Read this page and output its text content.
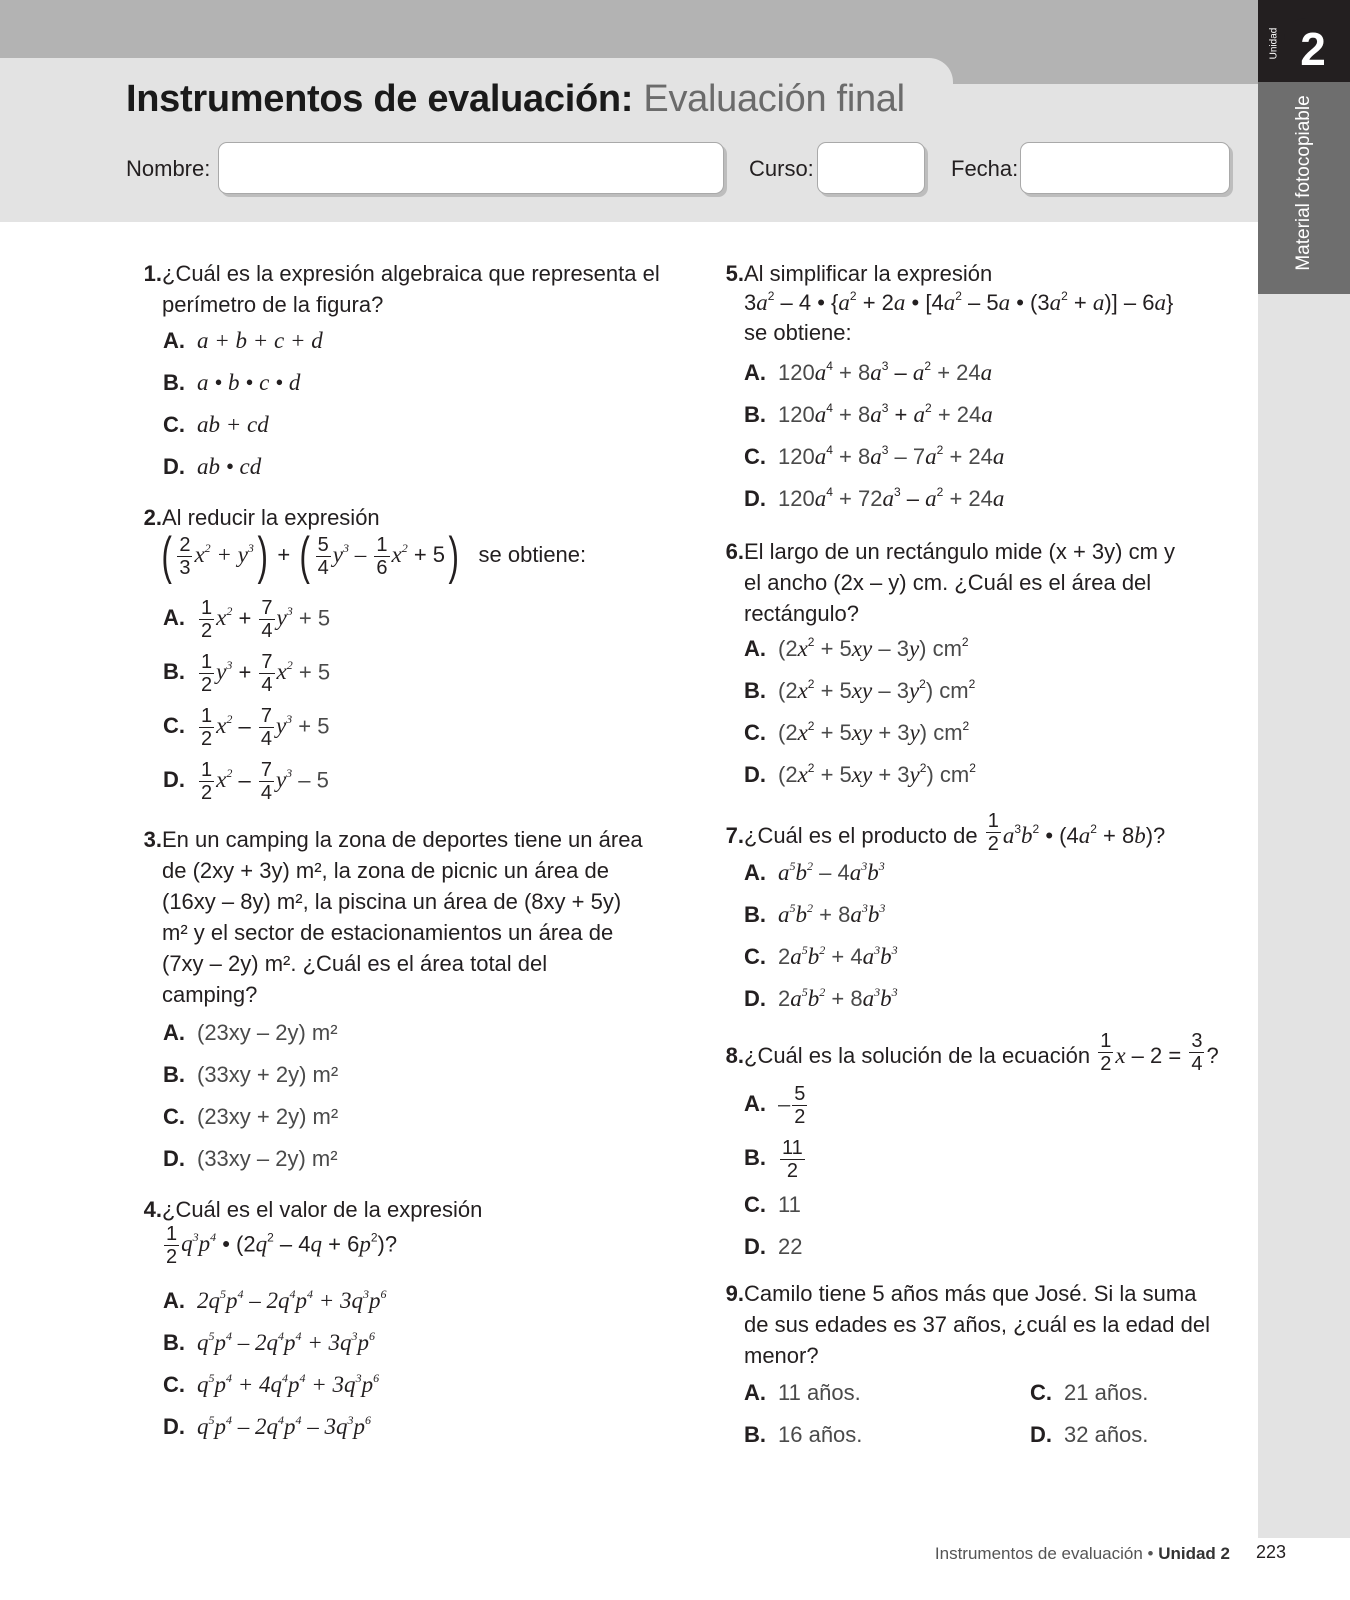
Instrumentos de evaluación: Evaluación final
Nombre:	Curso:	Fecha:
Unidad 2
Material fotocopiable
1. ¿Cuál es la expresión algebraica que representa el perímetro de la figura?
A. a + b + c + d
B. a • b • c • d
C. ab + cd
D. ab • cd
2. Al reducir la expresión
( $\frac{2}{3} x^2 + y^3$) + ( $\frac{5}{4} y^3 - \frac{1}{6} x^2 + 5$) se obtiene:
A. $\frac{1}{2} x^2 + \frac{7}{4} y^3 + 5$
B. $\frac{1}{2} y^3 + \frac{7}{4} x^2 + 5$
C. $\frac{1}{2} x^2 - \frac{7}{4} y^3 + 5$
D. $\frac{1}{2} x^2 - \frac{7}{4} y^3 - 5$
3. En un camping la zona de deportes tiene un área de (2xy + 3y) m², la zona de picnic un área de (16xy – 8y) m², la piscina un área de (8xy + 5y) m² y el sector de estacionamientos un área de (7xy – 2y) m². ¿Cuál es el área total del camping?
A. (23xy – 2y) m²
B. (33xy + 2y) m²
C. (23xy + 2y) m²
D. (33xy – 2y) m²
4. ¿Cuál es el valor de la expresión
$\frac{1}{2} q^3p^4$ • $(2q^2 - 4q + 6p^2)$?
A. $2q^5p^4 - 2q^4p^4 + 3q^3p^6$
B. $q^5p^4 - 2q^4p^4 + 3q^3p^6$
C. $q^5p^4 + 4q^4p^4 + 3q^3p^6$
D. $q^5p^4 - 2q^4p^4 - 3q^3p^6$
5. Al simplificar la expresión
$3a^2 - 4$ • {$a^2 + 2a$ • [$4a^2 - 5a$ • $(3a^2 + a)] - 6a$}
se obtiene:
A. $120a^4 + 8a^3 - a^2 + 24a$
B. $120a^4 + 8a^3 + a^2 + 24a$
C. $120a^4 + 8a^3 - 7a^2 + 24a$
D. $120a^4 + 72a^3 - a^2 + 24a$
6. El largo de un rectángulo mide (x + 3y) cm y el ancho (2x – y) cm. ¿Cuál es el área del rectángulo?
A. $(2x^2 + 5xy - 3y)$ $cm^2$
B. $(2x^2 + 5xy - 3y^2)$ $cm^2$
C. $(2x^2 + 5xy + 3y)$ $cm^2$
D. $(2x^2 + 5xy + 3y^2)$ $cm^2$
7. ¿Cuál es el producto de $\frac{1}{2} a^3b^2$ • $(4a^2 + 8b)$?
A. $a^5b^2 - 4a^3b^3$
B. $a^5b^2 + 8a^3b^3$
C. $2a^5b^2 + 4a^3b^3$
D. $2a^5b^2 + 8a^3b^3$
8. ¿Cuál es la solución de la ecuación $\frac{1}{2}$ $x - 2 = \frac{3}{4}$ ?
A. – $\frac{5}{2}$
B. $\frac{11}{2}$
C. 11
D. 22
9. Camilo tiene 5 años más que José. Si la suma de sus edades es 37 años, ¿cuál es la edad del menor?
A. 11 años.
B. 16 años.
C. 21 años.
D. 32 años.
Instrumentos de evaluación • Unidad 2 223
